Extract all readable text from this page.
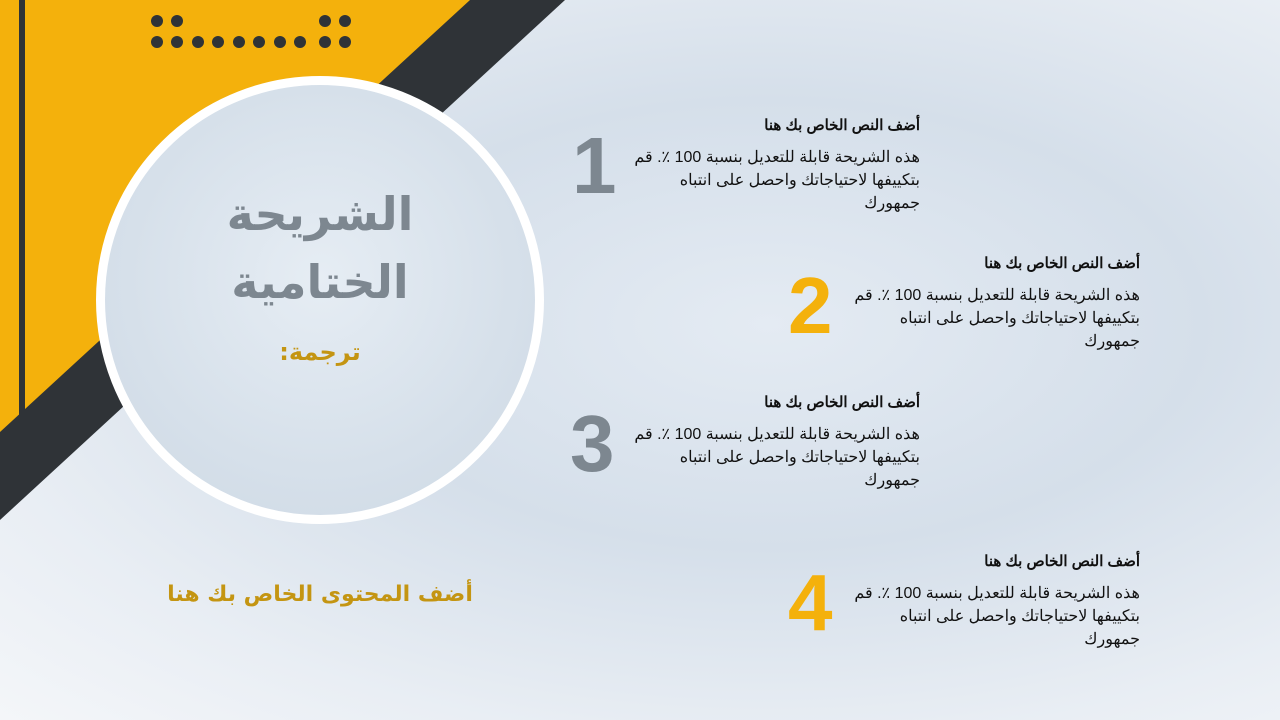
الشريحة الختامية
ترجمة:
أضف المحتوى الخاص بك هنا
1	أضف النص الخاص بك هنا

هذه الشريحة قابلة للتعديل بنسبة 100 ٪. قم بتكييفها لاحتياجاتك واحصل على انتباه جمهورك

2	أضف النص الخاص بك هنا

هذه الشريحة قابلة للتعديل بنسبة 100 ٪. قم بتكييفها لاحتياجاتك واحصل على انتباه جمهورك

3	أضف النص الخاص بك هنا

هذه الشريحة قابلة للتعديل بنسبة 100 ٪. قم بتكييفها لاحتياجاتك واحصل على انتباه جمهورك

4	أضف النص الخاص بك هنا

هذه الشريحة قابلة للتعديل بنسبة 100 ٪. قم بتكييفها لاحتياجاتك واحصل على انتباه جمهورك
